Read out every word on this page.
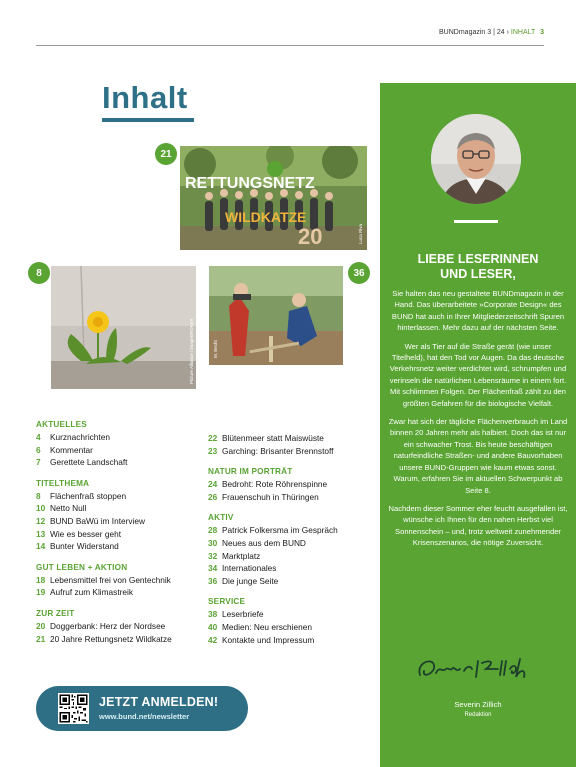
BUNDmagazin 3 | 24 › INHALT 3
Inhalt
RETTUNGSNETZ
WILDKATZE
20	Luca Riva
21
Picture Alliance / imageBROKER
8
M. Becht
36
AKTUELLES
4	Kurznachrichten
6	Kommentar
7	Gerettete Landschaft
TITELTHEMA
8	Flächenfraß stoppen
10 Netto Null
12 BUND BaWü im Interview
13 Wie es besser geht
14 Bunter Widerstand
GUT LEBEN + AKTION
18 Lebensmittel frei von Gentechnik
19 Aufruf zum Klimastreik
ZUR ZEIT
20 Doggerbank: Herz der Nordsee
21 20 Jahre Rettungsnetz Wildkatze
22 Blütenmeer statt Maiswüste
23 Garching: Brisanter Brennstoff
NATUR IM PORTRÄT
24 Bedroht: Rote Röhrenspinne
26 Frauenschuh in Thüringen
AKTIV
28 Patrick Folkersma im Gespräch
30 Neues aus dem BUND
32 Marktplatz
34 Internationales
36 Die junge Seite
SERVICE
38 Leserbriefe
40 Medien: Neu erschienen
42 Kontakte und Impressum
JETZT ANMELDEN!
www.bund.net/newsletter
LIEBE LESERINNEN
UND LESER,

Sie halten das neu gestaltete BUNDmagazin in der Hand. Das überarbeitete »Corporate Design« des BUND hat auch in Ihrer Mitgliederzeitschrift Spuren hinterlassen. Mehr dazu auf der nächsten Seite.

Wer als Tier auf die Straße gerät (wie unser Titelheld), hat den Tod vor Augen. Da das deutsche Verkehrsnetz weiter verdichtet wird, schrumpfen und verinseln die natürlichen Lebensräume in einem fort. Mit schlimmen Folgen. Der Flächenfraß zählt zu den größten Gefahren für die biologische Vielfalt.

Zwar hat sich der tägliche Flächenverbrauch im Land binnen 20 Jahren mehr als halbiert. Doch das ist nur ein schwacher Trost. Bis heute beschäftigen naturfeindliche Straßen- und andere Bauvorhaben unsere BUND-Gruppen wie kaum etwas sonst. Warum, erfahren Sie im aktuellen Schwerpunkt ab Seite 8.

Nachdem dieser Sommer eher feucht ausgefallen ist, wünsche ich Ihnen für den nahen Herbst viel Sonnenschein – und, trotz weltweit zunehmender Krisenszenarios, die nötige Zuversicht.

Severin Zillich
Redaktion
